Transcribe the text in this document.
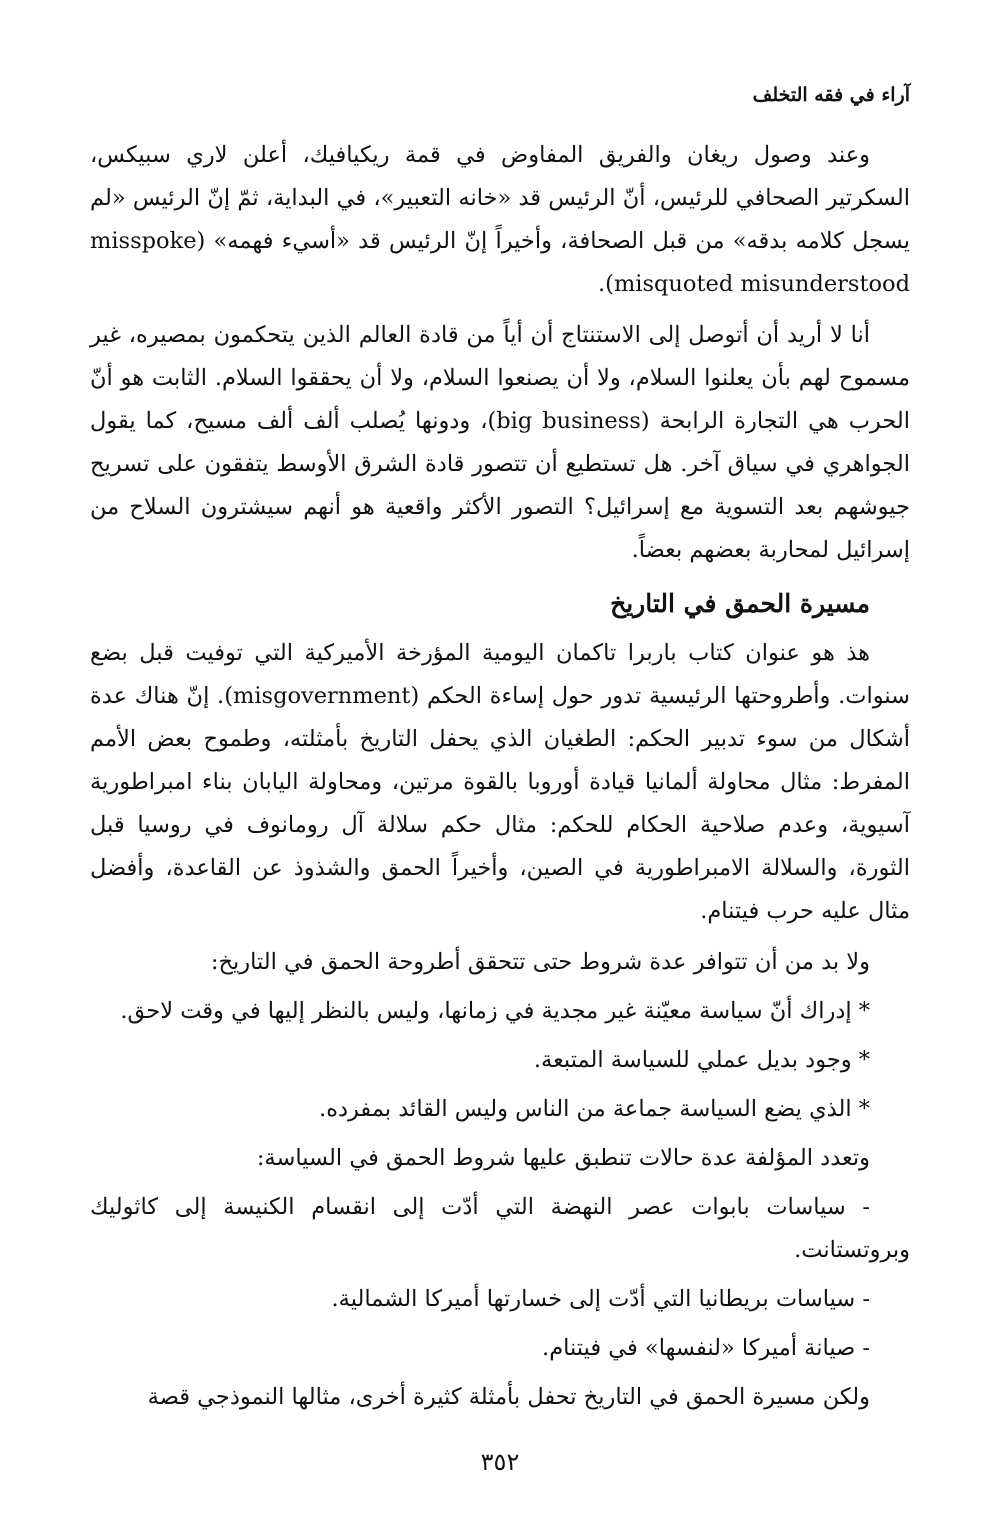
آراء في فقه التخلف

وعند وصول ريغان والفريق المفاوض في قمة ريكيافيك، أعلن لاري سبيكس، السكرتير الصحافي للرئيس، أنّ الرئيس قد «خانه التعبير»، في البداية، ثمّ إنّ الرئيس «لم يسجل كلامه بدقه» من قبل الصحافة، وأخيراً إنّ الرئيس قد «أسيء فهمه» (misspoke misquoted misunderstood).

أنا لا أريد أن أتوصل إلى الاستنتاج أن أياً من قادة العالم الذين يتحكمون بمصيره، غير مسموح لهم بأن يعلنوا السلام، ولا أن يصنعوا السلام، ولا أن يحققوا السلام. الثابت هو أنّ الحرب هي التجارة الرابحة (big business)، ودونها يُصلب ألف ألف مسيح، كما يقول الجواهري في سياق آخر. هل تستطيع أن تتصور قادة الشرق الأوسط يتفقون على تسريح جيوشهم بعد التسوية مع إسرائيل؟ التصور الأكثر واقعية هو أنهم سيشترون السلاح من إسرائيل لمحاربة بعضهم بعضاً.

مسيرة الحمق في التاريخ

هذ هو عنوان كتاب باربرا تاكمان اليومية المؤرخة الأميركية التي توفيت قبل بضع سنوات. وأطروحتها الرئيسية تدور حول إساءة الحكم (misgovernment). إنّ هناك عدة أشكال من سوء تدبير الحكم: الطغيان الذي يحفل التاريخ بأمثلته، وطموح بعض الأمم المفرط: مثال محاولة ألمانيا قيادة أوروبا بالقوة مرتين، ومحاولة اليابان بناء امبراطورية آسيوية، وعدم صلاحية الحكام للحكم: مثال حكم سلالة آل رومانوف في روسيا قبل الثورة، والسلالة الامبراطورية في الصين، وأخيراً الحمق والشذوذ عن القاعدة، وأفضل مثال عليه حرب فيتنام.

ولا بد من أن تتوافر عدة شروط حتى تتحقق أطروحة الحمق في التاريخ:

* إدراك أنّ سياسة معيّنة غير مجدية في زمانها، وليس بالنظر إليها في وقت لاحق.

* وجود بديل عملي للسياسة المتبعة.

* الذي يضع السياسة جماعة من الناس وليس القائد بمفرده.

وتعدد المؤلفة عدة حالات تنطبق عليها شروط الحمق في السياسة:

- سياسات بابوات عصر النهضة التي أدّت إلى انقسام الكنيسة إلى كاثوليك وبروتستانت.

- سياسات بريطانيا التي أدّت إلى خسارتها أميركا الشمالية.

- صيانة أميركا «لنفسها» في فيتنام.

ولكن مسيرة الحمق في التاريخ تحفل بأمثلة كثيرة أخرى، مثالها النموذجي قصة

٣٥٢
